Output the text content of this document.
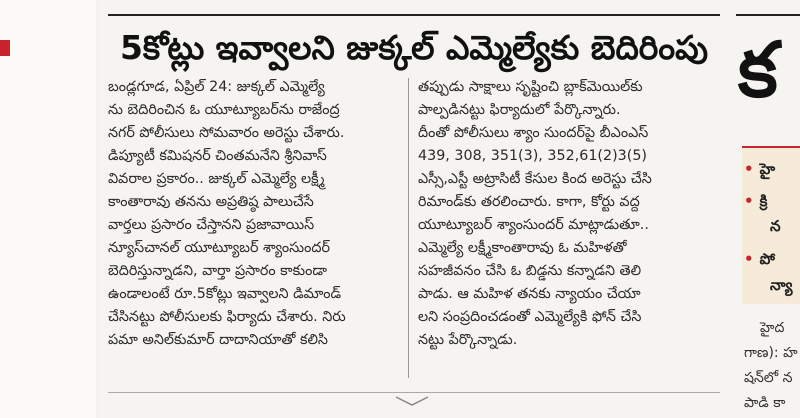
5కోట్లు ఇవ్వాలని జుక్కల్ ఎమ్మెల్యేకు బెదిరింపు

బండ్లగూడ, ఏప్రిల్ 24: జుక్కల్ ఎమ్మెల్యే

ను బెదిరించిన ఓ యూట్యూబర్‌ను రాజేంద్ర

నగర్ పోలీసులు సోమవారం అరెస్టు చేశారు.

డిప్యూటీ కమిషనర్ చింతమనేని శ్రీనివాస్

వివరాల ప్రకారం.. జుక్కల్ ఎమ్మెల్యే లక్ష్మీ

కాంతారావు తనను అప్రతిష్ఠ పాలుచేసే

వార్తలు ప్రసారం చేస్తానని ప్రజావాయిస్

న్యూస్‌చానల్ యూట్యూబర్ శ్యాంసుందర్

బెదిరిస్తున్నాడని, వార్తా ప్రసారం కాకుండా

ఉండాలంటే రూ.5కోట్లు ఇవ్వాలని డిమాండ్

చేసినట్టు పోలీసులకు ఫిర్యాదు చేశారు. నిరు

పమా అనిల్‌కుమార్ దాదానియాతో కలిసి

తప్పుడు సాక్షాలు సృష్టించి బ్లాక్‌మెయిల్‌కు

పాల్పడినట్టు ఫిర్యాదులో పేర్కొన్నారు.

దీంతో పోలీసులు శ్యాం సుందర్‌పై బీఎంఎస్

439, 308, 351(3), 352,61(2)3(5)

ఎస్సీ,ఎస్టీ అట్రాసిటీ కేసుల కింద అరెస్టు చేసి

రిమాండ్‌కు తరలించారు. కాగా, కోర్టు వద్ద

యూట్యూబర్ శ్యాంసుందర్ మాట్లాడుతూ..

ఎమ్మెల్యే లక్ష్మీకాంతారావు ఓ మహిళతో

సహజీవనం చేసి ఓ బిడ్డను కన్నాడని తెలి

పాడు. ఆ మహిళ తనకు న్యాయం చేయా

లని సంప్రదించడంతో ఎమ్మెల్యేకి ఫోన్ చేసి

నట్టు పేర్కొన్నాడు.

క
• హై
• క్రి
న
• పో
న్యా
హైద
గాణ): హ
షన్‌లో న
పాడి కా
